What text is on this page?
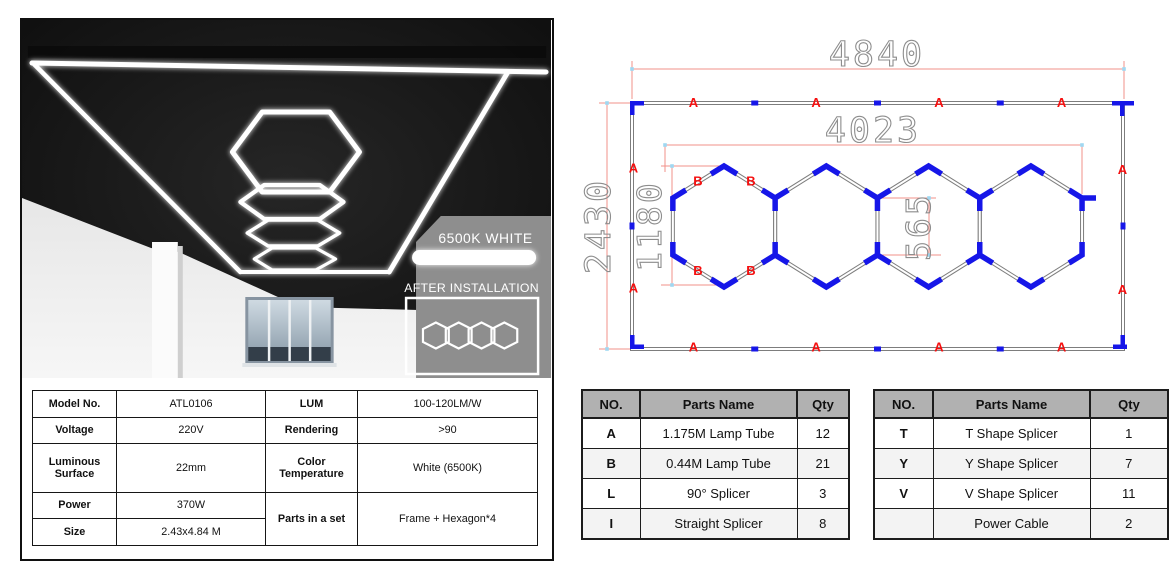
6500K WHITE
AFTER INSTALLATION
Model No.	ATL0106	LUM	100-120LM/W
Voltage	220V	Rendering	>90
Luminous Surface	22mm	Color Temperature	White (6500K)
Power	370W	Parts in a set	Frame + Hexagon*4
Size	2.43x4.84 M		
A	A	A	A
A	A	A	A
A
A
A
A
B	B
B	B
4840
4023
2430 1180	565
NO.	Parts Name	Qty
A	1.175M Lamp Tube	12
B	0.44M Lamp Tube	21
L	90° Splicer	3
I	Straight Splicer	8
NO.	Parts Name	Qty
T	T Shape Splicer	1
Y	Y Shape Splicer	7
V	V Shape Splicer	11
	Power Cable	2
